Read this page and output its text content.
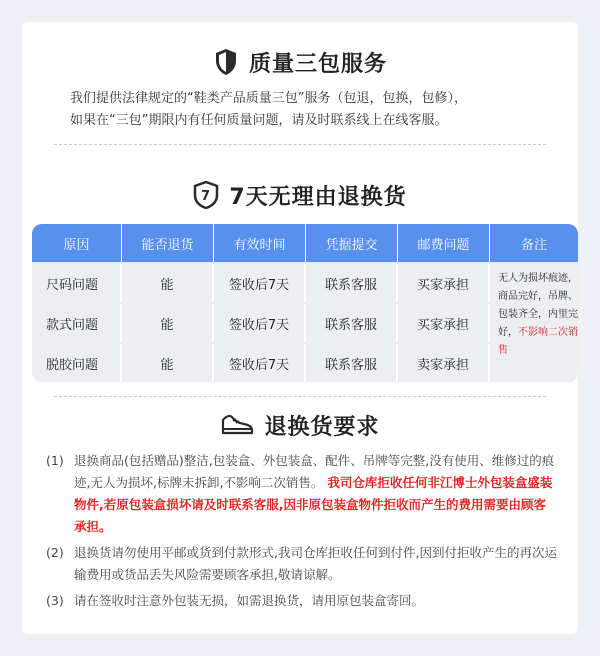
质量三包服务
我们提供法律规定的“鞋类产品质量三包”服务（包退，包换，包修），
如果在“三包”期限内有任何质量问题，请及时联系线上在线客服。
7 7天无理由退换货
原因	能否退货	有效时间	凭据提交	邮费问题	备注
尺码问题	能	签收后7天	联系客服	买家承担
款式问题	能	签收后7天	联系客服	买家承担
脱胶问题	能	签收后7天	联系客服	卖家承担
无人为损坏痕迹，商品完好，吊牌、包装齐全，内里完好，不影响二次销售
退换货要求
(1) 退换商品(包括赠品)整洁,包装盒、外包装盒、配件、吊牌等完整,没有使用、维修过的痕迹,无人为损坏,标牌未拆卸,不影响二次销售。 我司仓库拒收任何非江博士外包装盒盛装物件,若原包装盒损坏请及时联系客服,因非原包装盒物件拒收而产生的费用需要由顾客承担。
(2) 退换货请勿使用平邮或货到付款形式,我司仓库拒收任何到付件,因到付拒收产生的再次运输费用或货品丢失风险需要顾客承担,敬请谅解。
(3) 请在签收时注意外包装无损，如需退换货，请用原包装盒寄回。
